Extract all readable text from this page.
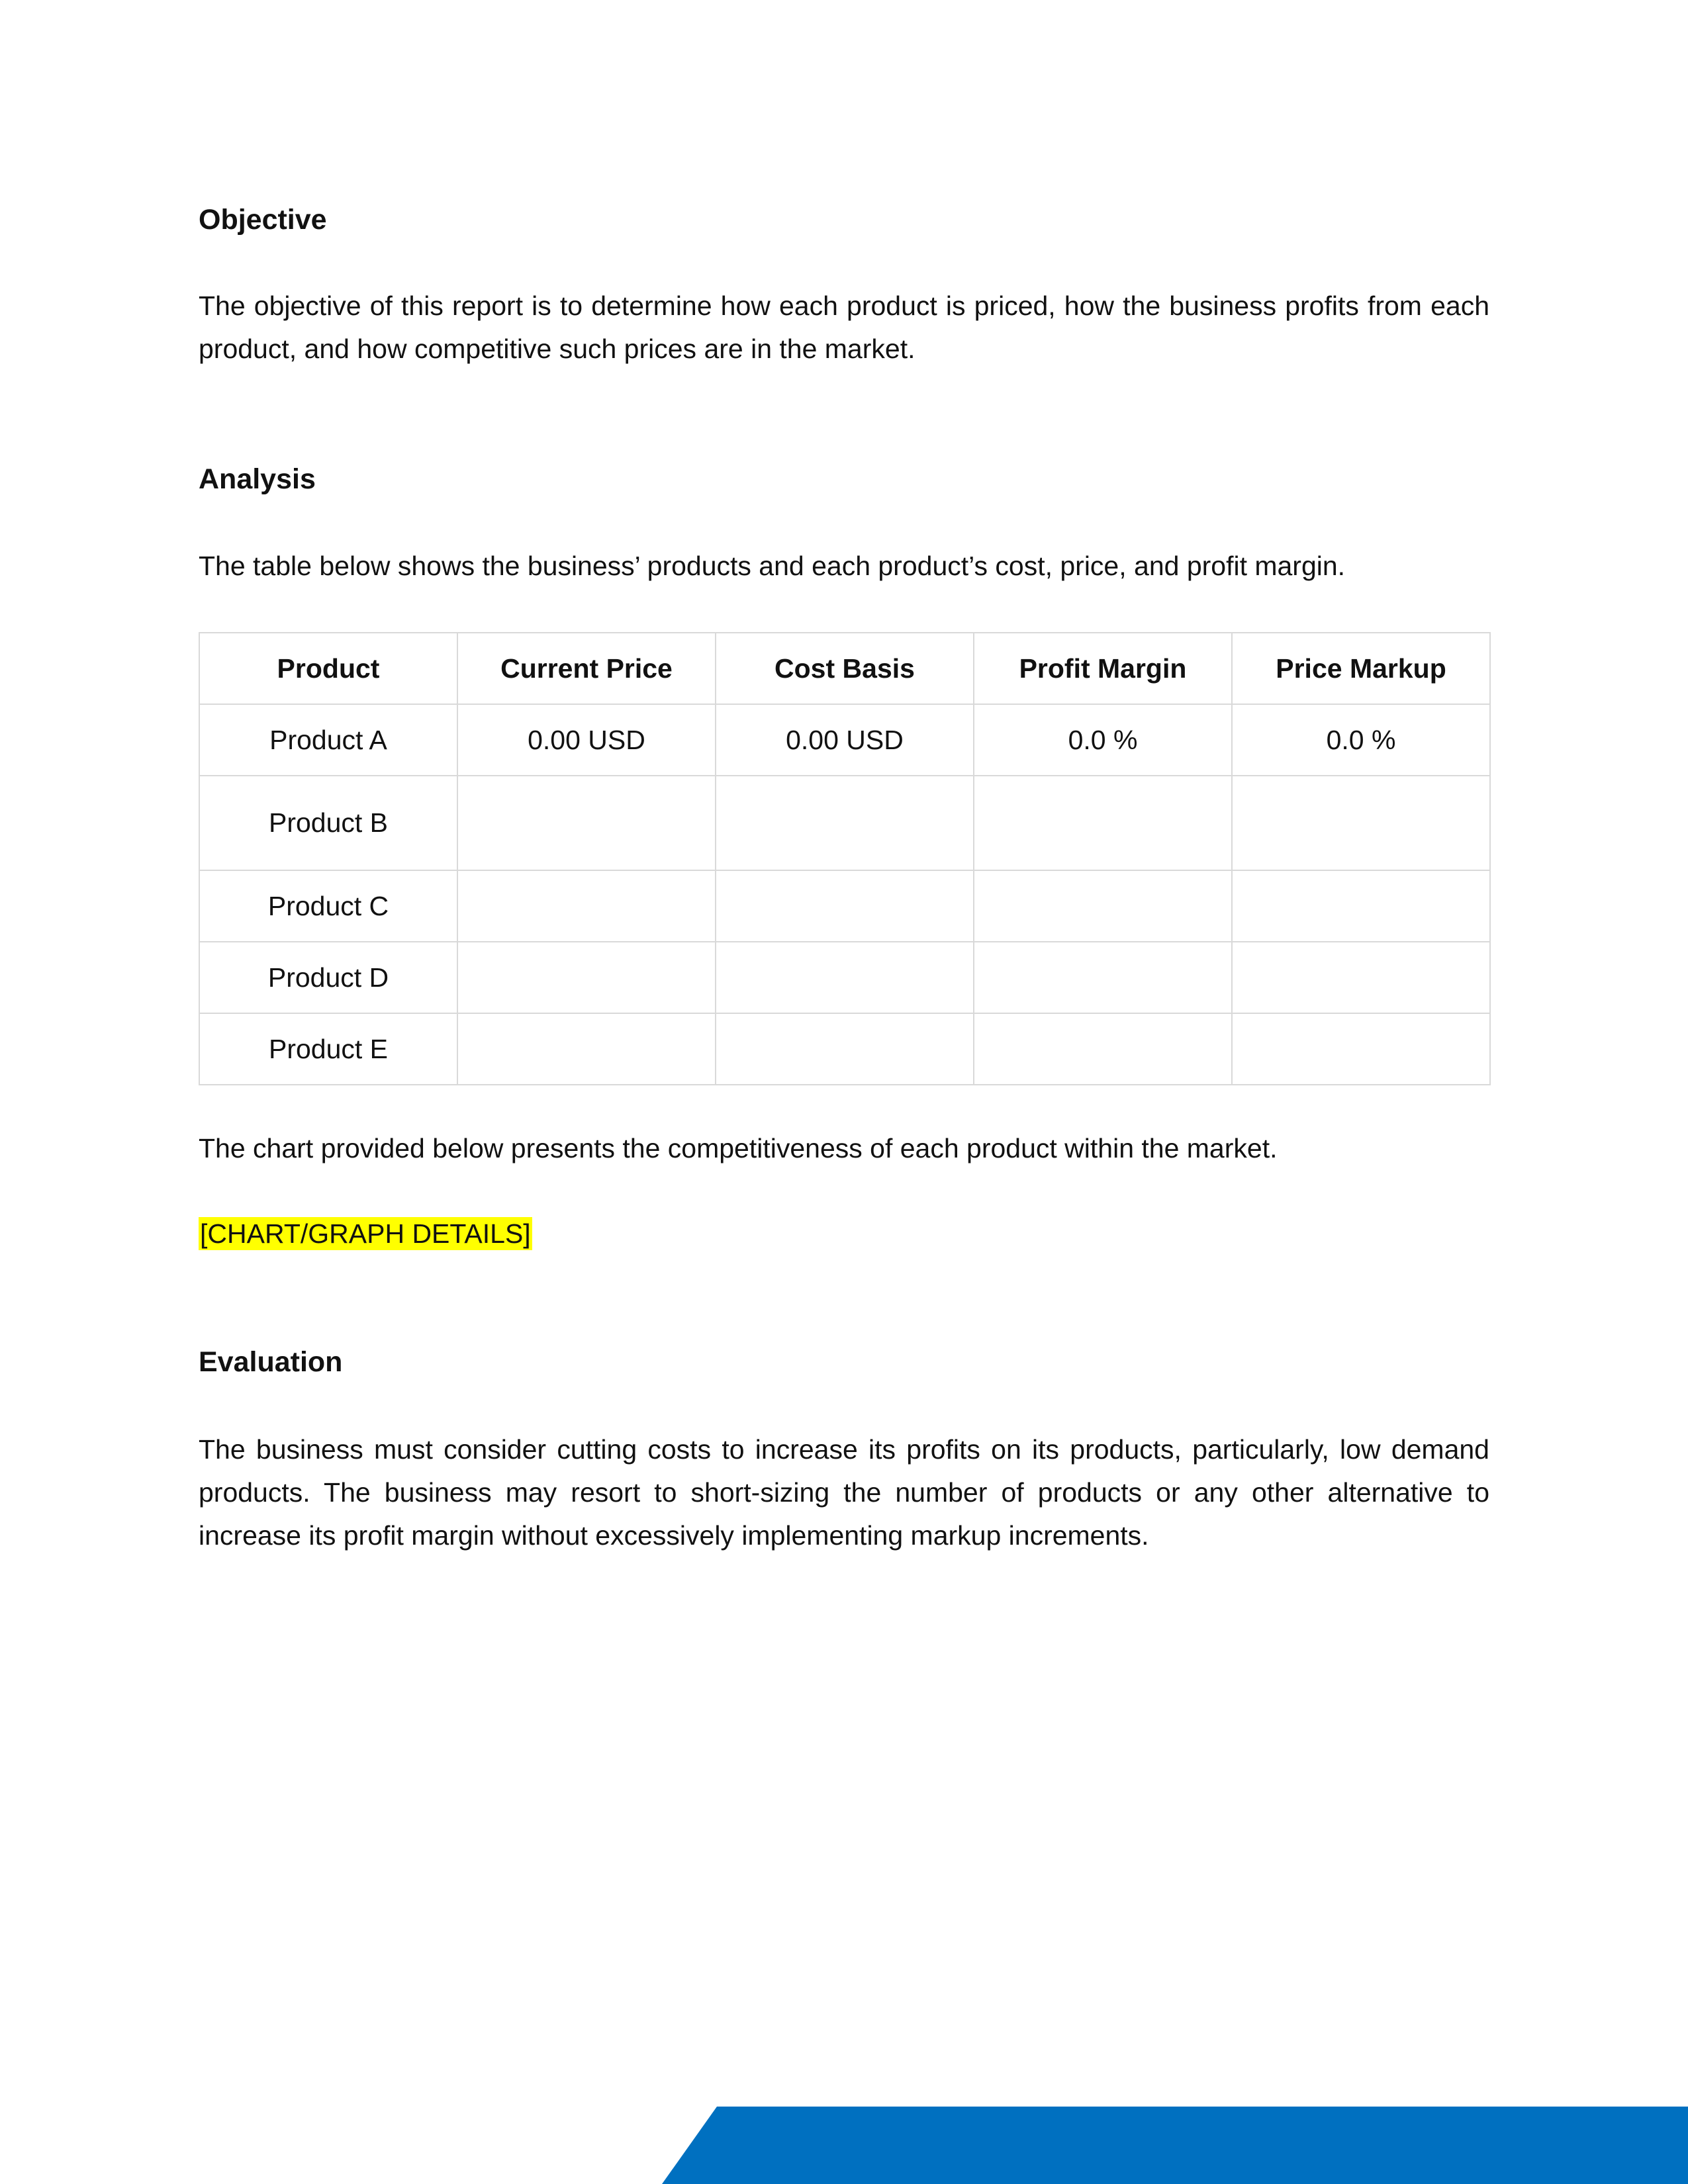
Objective

The objective of this report is to determine how each product is priced, how the business profits from each product, and how competitive such prices are in the market.

Analysis

The table below shows the business’ products and each product’s cost, price, and profit margin.

Product	Current Price	Cost Basis	Profit Margin	Price Markup
Product A	0.00 USD	0.00 USD	0.0 %	0.0 %
Product B				
Product C				
Product D				
Product E				

The chart provided below presents the competitiveness of each product within the market.

[CHART/GRAPH DETAILS]
Evaluation

The business must consider cutting costs to increase its profits on its products, particularly, low demand products. The business may resort to short-sizing the number of products or any other alternative to increase its profit margin without excessively implementing markup increments.
